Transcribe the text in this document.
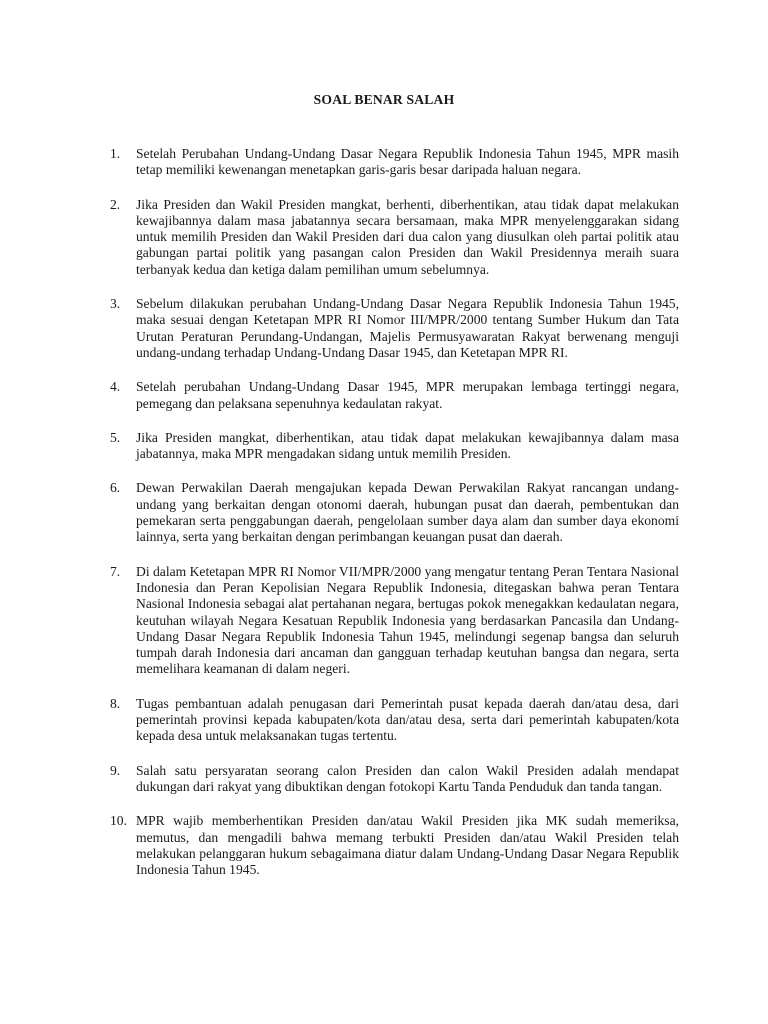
SOAL BENAR SALAH
1.	Setelah Perubahan Undang-Undang Dasar Negara Republik Indonesia Tahun 1945, MPR masih tetap memiliki kewenangan menetapkan garis-garis besar daripada haluan negara.
2.	Jika Presiden dan Wakil Presiden mangkat, berhenti, diberhentikan, atau tidak dapat melakukan kewajibannya dalam masa jabatannya secara bersamaan, maka MPR menyelenggarakan sidang untuk memilih Presiden dan Wakil Presiden dari dua calon yang diusulkan oleh partai politik atau gabungan partai politik yang pasangan calon Presiden dan Wakil Presidennya meraih suara terbanyak kedua dan ketiga dalam pemilihan umum sebelumnya.
3.	Sebelum dilakukan perubahan Undang-Undang Dasar Negara Republik Indonesia Tahun 1945, maka sesuai dengan Ketetapan MPR RI Nomor III/MPR/2000 tentang Sumber Hukum dan Tata Urutan Peraturan Perundang-Undangan, Majelis Permusyawaratan Rakyat berwenang menguji undang-undang terhadap Undang-Undang Dasar 1945, dan Ketetapan MPR RI.
4.	Setelah perubahan Undang-Undang Dasar 1945, MPR merupakan lembaga tertinggi negara, pemegang dan pelaksana sepenuhnya kedaulatan rakyat.
5.	Jika Presiden mangkat, diberhentikan, atau tidak dapat melakukan kewajibannya dalam masa jabatannya, maka MPR mengadakan sidang untuk memilih Presiden.
6.	Dewan Perwakilan Daerah mengajukan kepada Dewan Perwakilan Rakyat rancangan undang-undang yang berkaitan dengan otonomi daerah, hubungan pusat dan daerah, pembentukan dan pemekaran serta penggabungan daerah, pengelolaan sumber daya alam dan sumber daya ekonomi lainnya, serta yang berkaitan dengan perimbangan keuangan pusat dan daerah.
7.	Di dalam Ketetapan MPR RI Nomor VII/MPR/2000 yang mengatur tentang Peran Tentara Nasional Indonesia dan Peran Kepolisian Negara Republik Indonesia, ditegaskan bahwa peran Tentara Nasional Indonesia sebagai alat pertahanan negara, bertugas pokok menegakkan kedaulatan negara, keutuhan wilayah Negara Kesatuan Republik Indonesia yang berdasarkan Pancasila dan Undang-Undang Dasar Negara Republik Indonesia Tahun 1945, melindungi segenap bangsa dan seluruh tumpah darah Indonesia dari ancaman dan gangguan terhadap keutuhan bangsa dan negara, serta memelihara keamanan di dalam negeri.
8.	Tugas pembantuan adalah penugasan dari Pemerintah pusat kepada daerah dan/atau desa, dari pemerintah provinsi kepada kabupaten/kota dan/atau desa, serta dari pemerintah kabupaten/kota kepada desa untuk melaksanakan tugas tertentu.
9.	Salah satu persyaratan seorang calon Presiden dan calon Wakil Presiden adalah mendapat dukungan dari rakyat yang dibuktikan dengan fotokopi Kartu Tanda Penduduk dan tanda tangan.
10. MPR wajib memberhentikan Presiden dan/atau Wakil Presiden jika MK sudah memeriksa, memutus, dan mengadili bahwa memang terbukti Presiden dan/atau Wakil Presiden telah melakukan pelanggaran hukum sebagaimana diatur dalam Undang-Undang Dasar Negara Republik Indonesia Tahun 1945.
